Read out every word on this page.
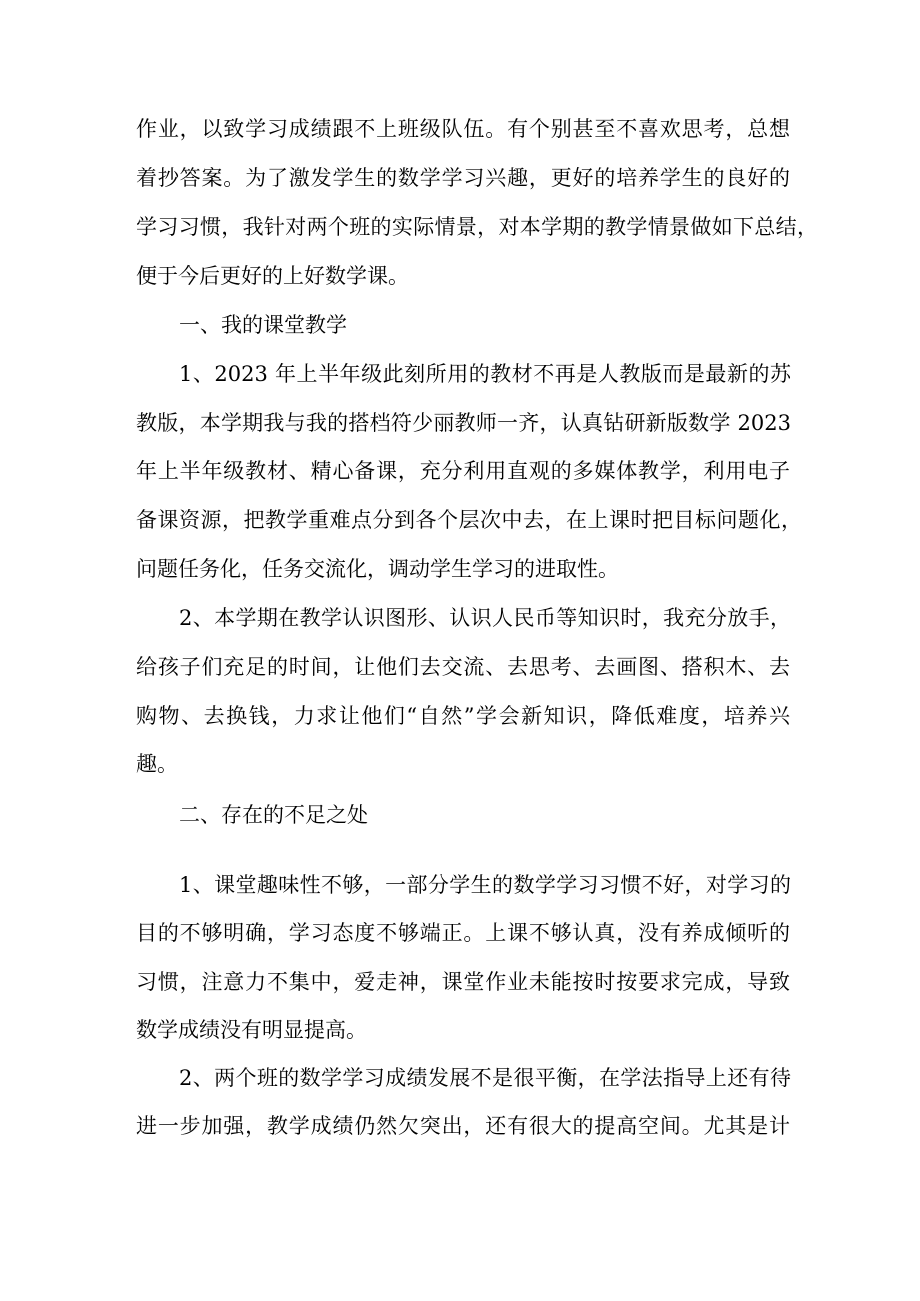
作业，以致学习成绩跟不上班级队伍。有个别甚至不喜欢思考，总想

着抄答案。为了激发学生的数学学习兴趣，更好的培养学生的良好的

学习习惯，我针对两个班的实际情景，对本学期的教学情景做如下总结，

便于今后更好的上好数学课。

一、我的课堂教学

1、2023 年上半年级此刻所用的教材不再是人教版而是最新的苏

教版，本学期我与我的搭档符少丽教师一齐，认真钻研新版数学 2023

年上半年级教材、精心备课，充分利用直观的多媒体教学，利用电子

备课资源，把教学重难点分到各个层次中去，在上课时把目标问题化，

问题任务化，任务交流化，调动学生学习的进取性。

2、本学期在教学认识图形、认识人民币等知识时，我充分放手，

给孩子们充足的时间，让他们去交流、去思考、去画图、搭积木、去

购物、去换钱，力求让他们“自然”学会新知识，降低难度，培养兴

趣。

二、存在的不足之处

1、课堂趣味性不够，一部分学生的数学学习习惯不好，对学习的

目的不够明确，学习态度不够端正。上课不够认真，没有养成倾听的

习惯，注意力不集中，爱走神，课堂作业未能按时按要求完成，导致

数学成绩没有明显提高。

2、两个班的数学学习成绩发展不是很平衡，在学法指导上还有待

进一步加强，教学成绩仍然欠突出，还有很大的提高空间。尤其是计
